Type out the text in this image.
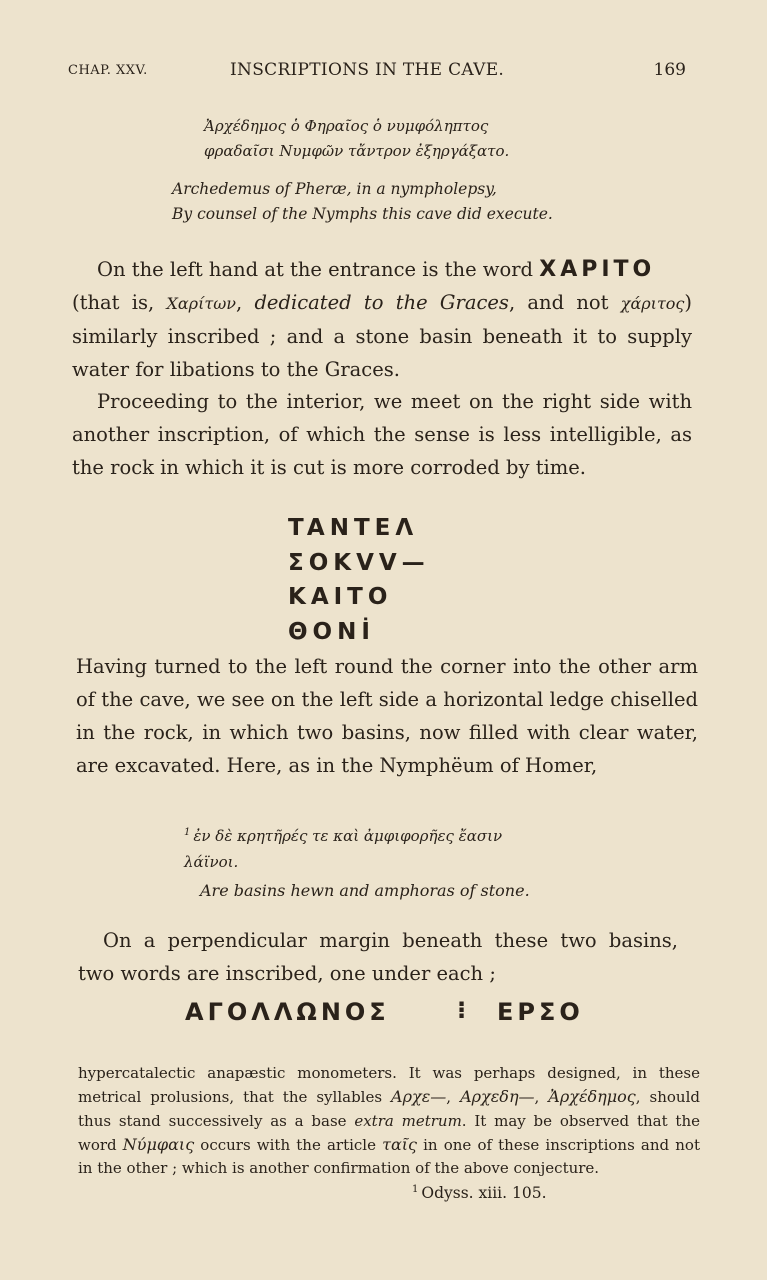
CHAP. XXV.	INSCRIPTIONS IN THE CAVE.	169
Ἀρχέδημος ὁ Φηραῖος ὁ νυμφόληπτος
φραδαῖσι Νυμφῶν τἄντρον ἐξηργάξατο.
Archedemus of Pheræ, in a nympholepsy,
By counsel of the Nymphs this cave did execute.
On the left hand at the entrance is the word XAPITO
(that is, Χαρίτων, dedicated to the Graces, and not χάριτος) similarly inscribed ; and a stone basin beneath it to supply water for libations to the Graces.
Proceeding to the interior, we meet on the right side with another inscription, of which the sense is less intelligible, as the rock in which it is cut is more corroded by time.
TANTEΛ
ΣOKVV—
KAITO
ΘONİ
Having turned to the left round the corner into the other arm of the cave, we see on the left side a horizontal ledge chiselled in the rock, in which two basins, now filled with clear water, are excavated. Here, as in the Nymphëum of Homer,
$^1$ ἐν δὲ κρητῆρές τε καὶ ἀμφιφορῆες ἔασιν
λάϊνοι.
Are basins hewn and amphoras of stone.
On a perpendicular margin beneath these two basins, two words are inscribed, one under each ;
AΓOΛΛΩNOΣ	⁝ EPΣO
hypercatalectic anapæstic monometers. It was perhaps designed, in these metrical prolusions, that the syllables Αρχε—, Αρχεδη—, Ἀρχέδημος, should thus stand successively as a base extra metrum. It may be observed that the word Νύμφαις occurs with the article ταῖς in one of these inscriptions and not in the other ; which is another confirmation of the above conjecture.
$^1$ Odyss. xiii. 105.
